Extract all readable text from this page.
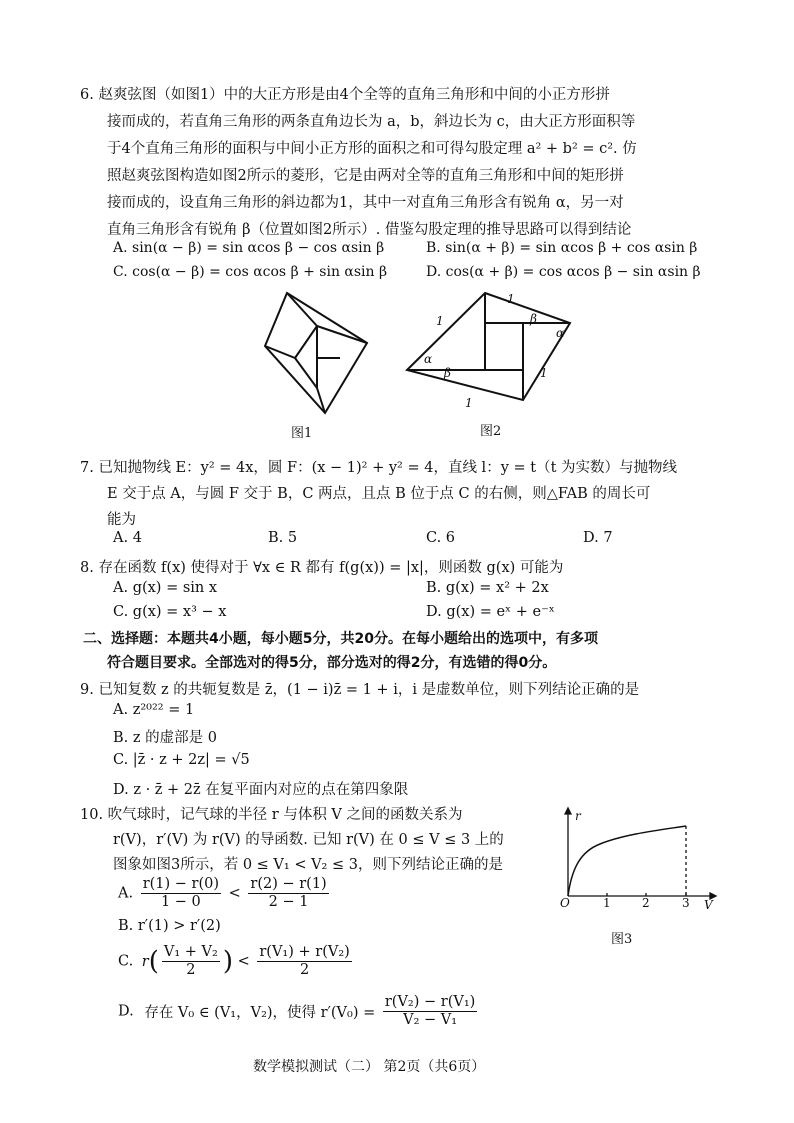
6. 赵爽弦图（如图1）中的大正方形是由4个全等的直角三角形和中间的小正方形拼
接而成的，若直角三角形的两条直角边长为 a，b，斜边长为 c，由大正方形面积等
于4个直角三角形的面积与中间小正方形的面积之和可得勾股定理 a² + b² = c². 仿
照赵爽弦图构造如图2所示的菱形，它是由两对全等的直角三角形和中间的矩形拼
接而成的，设直角三角形的斜边都为1，其中一对直角三角形含有锐角 α，另一对
直角三角形含有锐角 β（位置如图2所示）. 借鉴勾股定理的推导思路可以得到结论
A. sin(α − β) = sin αcos β − cos αsin β	B. sin(α + β) = sin αcos β + cos αsin β
C. cos(α − β) = cos αcos β + sin αsin β	D. cos(α + β) = cos αcos β − sin αsin β
图1
1
1
1
1
α
β
α
β
图2
7. 已知抛物线 E：y² = 4x，圆 F：(x − 1)² + y² = 4，直线 l：y = t（t 为实数）与抛物线
E 交于点 A，与圆 F 交于 B，C 两点，且点 B 位于点 C 的右侧，则△FAB 的周长可
能为
A. 4	B. 5	C. 6	D. 7
8. 存在函数 f(x) 使得对于 ∀x ∈ R 都有 f(g(x)) = |x|，则函数 g(x) 可能为
A. g(x) = sin x	B. g(x) = x² + 2x
C. g(x) = x³ − x	D. g(x) = eˣ + e⁻ˣ
二、选择题：本题共4小题，每小题5分，共20分。在每小题给出的选项中，有多项
符合题目要求。全部选对的得5分，部分选对的得2分，有选错的得0分。
9. 已知复数 z 的共轭复数是 z̄，(1 − i)z̄ = 1 + i，i 是虚数单位，则下列结论正确的是
A. z²⁰²² = 1
B. z 的虚部是 0
C. |z̄ · z + 2z| = √5
D. z · z̄ + 2z̄ 在复平面内对应的点在第四象限
10. 吹气球时，记气球的半径 r 与体积 V 之间的函数关系为
r(V)，r′(V) 为 r(V) 的导函数. 已知 r(V) 在 0 ≤ V ≤ 3 上的
图象如图3所示，若 0 ≤ V₁ < V₂ ≤ 3，则下列结论正确的是
A. $\frac{r(1) - r(0)}{1 - 0} < \frac{r(2) - r(1)}{2 - 1}$
B. r′(1) > r′(2)
C. $r( \frac{\text{V₁ + V₂}}{2}$ ) < $\frac{\text{r(V₁) + r(V₂)}}{2}$
D. 存在 V₀ ∈ (V₁，V₂)，使得 $r'(V_0) = \frac{\text{r(V₂) − r(V₁)}}{\text{V₂ − V₁}}$
r
V
O	1	2	3
图3
数学模拟测试（二） 第2页（共6页）
